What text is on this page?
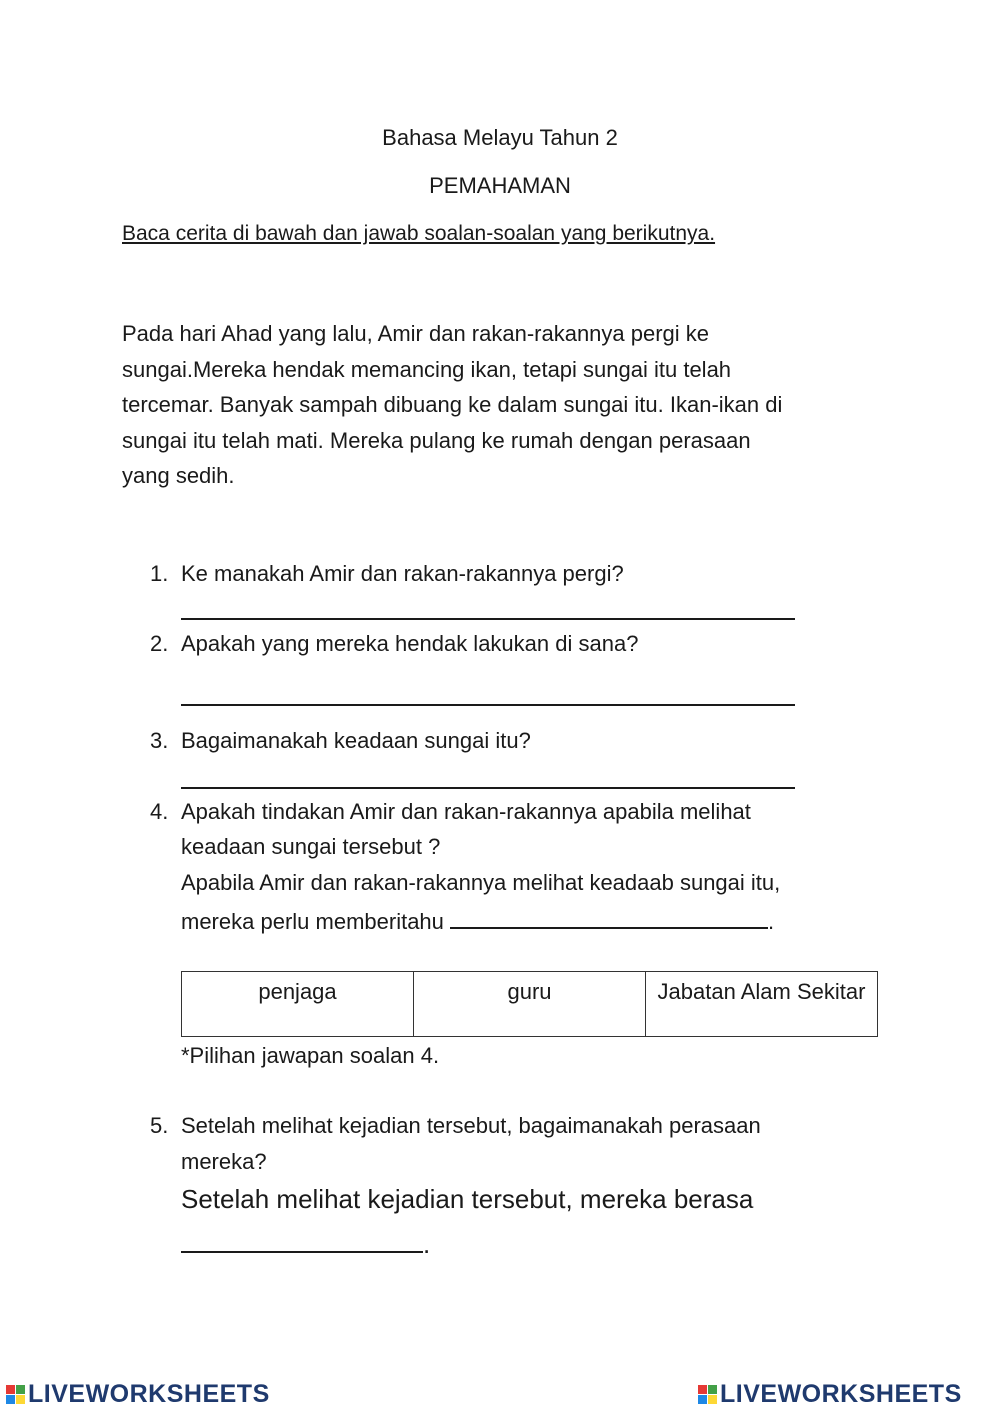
Bahasa Melayu Tahun 2
PEMAHAMAN
Baca cerita di bawah dan jawab soalan-soalan yang berikutnya.
Pada hari Ahad yang lalu, Amir dan rakan-rakannya pergi ke
sungai.Mereka hendak memancing ikan, tetapi sungai itu telah
tercemar. Banyak sampah dibuang ke dalam sungai itu. Ikan-ikan di
sungai itu telah mati. Mereka pulang ke rumah dengan perasaan
yang sedih.
1. Ke manakah Amir dan rakan-rakannya pergi?
2. Apakah yang mereka hendak lakukan di sana?
3. Bagaimanakah keadaan sungai itu?
4. Apakah tindakan Amir dan rakan-rakannya apabila melihat
keadaan sungai tersebut ?
Apabila Amir dan rakan-rakannya melihat keadaab sungai itu,
mereka perlu memberitahu	.
penjaga	guru	Jabatan Alam Sekitar
*Pilihan jawapan soalan 4.
5. Setelah melihat kejadian tersebut, bagaimanakah perasaan
mereka?
Setelah melihat kejadian tersebut, mereka berasa
.
LIVEWORKSHEETS	LIVEWORKSHEETS
